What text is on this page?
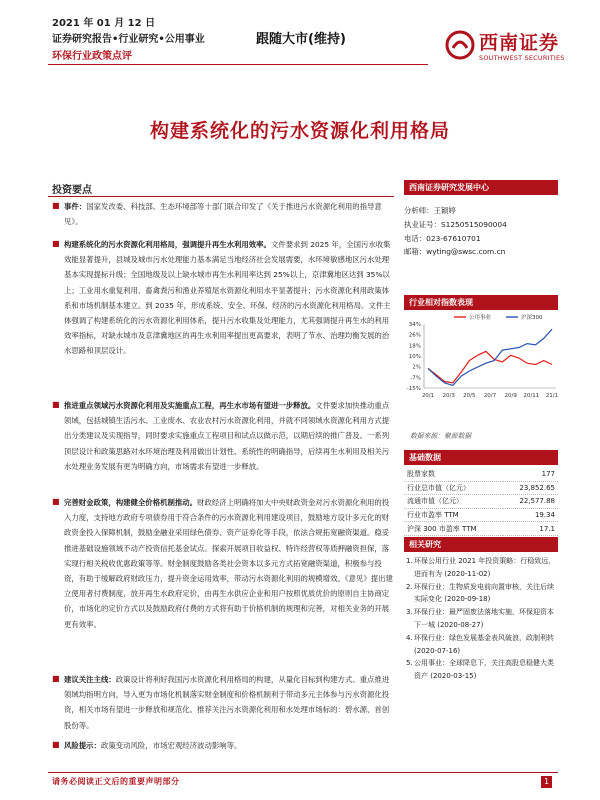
2021 年 01 月 12 日
证券研究报告•行业研究•公用事业
环保行业政策点评
跟随大市(维持)	西南证券
SOUTHWEST SECURITIES
构建系统化的污水资源化利用格局
投资要点
■ 事件：国家发改委、科技部、生态环境部等十部门联合印发了《关于推进污水资源化利用的指导意见》。
■ 构建系统化的污水资源化利用格局，强调提升再生水利用效率。文件要求到 2025 年，全国污水收集效能显著提升，县城及城市污水处理能力基本满足当地经济社会发展需要，水环境敏感地区污水处理基本实现提标升级；全国地级及以上缺水城市再生水利用率达到 25%以上，京津冀地区达到 35%以上；工业用水重复利用、畜禽粪污和渔业养殖尾水资源化利用水平显著提升；污水资源化利用政策体系和市场机制基本建立。到 2035 年，形成系统、安全、环保、经济的污水资源化利用格局。文件主体强调了构建系统化的污水资源化利用体系，提升污水收集及处理能力，尤其强调提升再生水的利用效率指标，对缺水城市及京津冀地区的再生水利用率提出更高要求，表明了节水、治理均衡发展的治水思路和顶层设计。
■ 推进重点领域污水资源化利用及实施重点工程，再生水市场有望进一步释放。文件要求加快推动重点领域，包括城镇生活污水、工业废水、农业农村污水资源化利用，并就不同领域水资源化利用方式提出分类建议及实现指导，同时要求实施重点工程项目和试点以做示范，以期后续的推广普及。一系列顶层设计和政策思路对水环境治理及利用做出计划性、系统性的明确指导，后续再生水利用及相关污水处理业务发展有更为明确方向，市场需求有望进一步释放。
■ 完善财金政策，构建健全价格机制推动。财政经济上明确将加大中央财政资金对污水资源化利用的投入力度，支持地方政府专项债券用于符合条件的污水资源化利用建设项目，鼓励地方设计多元化的财政资金投入保障机制，鼓励金融业采用绿色债券、资产证券化等手段，依法合规拓宽融资渠道。稳妥推进基础设施领域不动产投资信托基金试点。探索开展项目收益权、特许经营权等质押融资担保，落实现行相关税收优惠政策等等。财金制度鼓励各类社会资本以多元方式拓宽融资渠道，积极参与投资，有助于缓解政府财政压力，提升资金运用效率，带动污水资源化利用的规模增效。《意见》提出建立使用者付费制度，放开再生水政府定价，由再生水供应企业和用户按照优质优价的原则自主协商定价，市场化的定价方式以及鼓励政府付费的方式将有助于价格机制的规理和完善，对相关业务的开展更有效率。
■ 建议关注主线：政策设计将利好我国污水资源化利用格局的构建，从量化目标到构建方式、重点推进领域均指明方向，导入更为市场化机制落实财金制度和价格机制利于带动多元主体参与污水资源化投资，相关市场有望进一步释放和规范化。推荐关注污水资源化利用和水处理市场标的：碧水源、首创股份等。
■ 风险提示：政策变动风险，市场宏观经济波动影响等。
西南证券研究发展中心
分析师：王颖婷
执业证号：S1250515090004
电话：023-67610701
邮箱：wyting@swsc.com.cn
行业相对指数表现
公用事业	沪深300
34%
26%
18%
10%
2%
-7%
-15%
20/1 20/3 20/5 20/7 20/9 20/11 21/1
数据来源：聚源数据
基础数据
股票家数	177
行业总市值（亿元）	23,852.65
流通市值（亿元）	22,577.88
行业市盈率 TTM	19.34
沪深 300 市盈率 TTM	17.1
相关研究
1. 环保公用行业 2021 年投资策略：行稳致远，进而有为 (2020-11-02)
2. 环保行业：生物质发电前向置审核，关注后续实际变化 (2020-09-18)
3. 环保行业：最严固废法落地实施，环保迎资本下一城 (2020-08-27)
4. 环保行业：绿色发展基金表风破浪，政制利转 (2020-07-16)
5. 公用事业：全球降息下，关注高股息稳健大类资产 (2020-03-15)
请务必阅读正文后的重要声明部分	1
